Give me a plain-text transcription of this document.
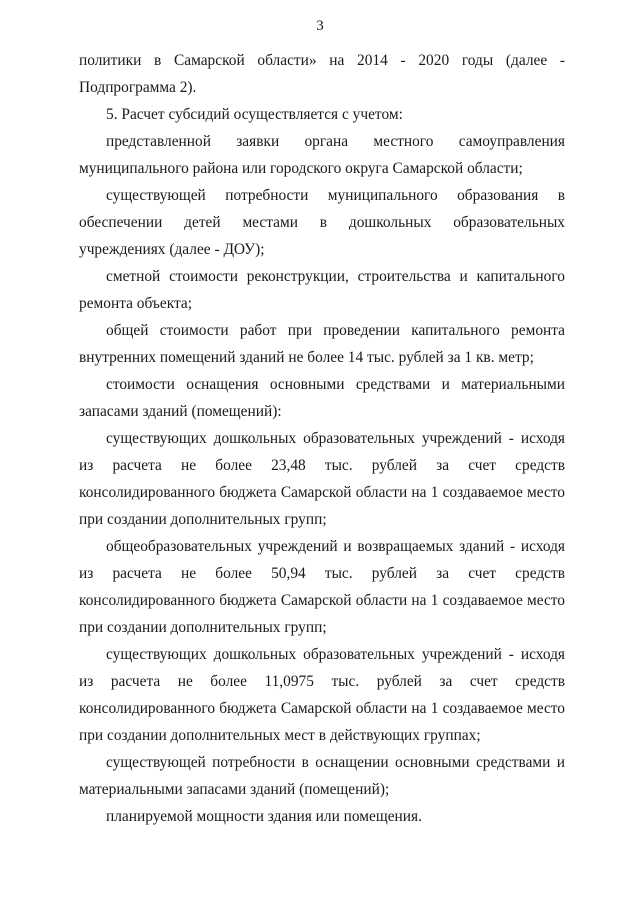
3

политики в Самарской области» на 2014 - 2020 годы (далее - Подпрограмма 2).

5. Расчет субсидий осуществляется с учетом:

представленной заявки органа местного самоуправления муниципального района или городского округа Самарской области;

существующей потребности муниципального образования в обеспечении детей местами в дошкольных образовательных учреждениях (далее - ДОУ);

сметной стоимости реконструкции, строительства и капитального ремонта объекта;

общей стоимости работ при проведении капитального ремонта внутренних помещений зданий не более 14 тыс. рублей за 1 кв. метр;

стоимости оснащения основными средствами и материальными запасами зданий (помещений):

существующих дошкольных образовательных учреждений - исходя из расчета не более 23,48 тыс. рублей за счет средств консолидированного бюджета Самарской области на 1 создаваемое место при создании дополнительных групп;

общеобразовательных учреждений и возвращаемых зданий - исходя из расчета не более 50,94 тыс. рублей за счет средств консолидированного бюджета Самарской области на 1 создаваемое место при создании дополнительных групп;

существующих дошкольных образовательных учреждений - исходя из расчета не более 11,0975 тыс. рублей за счет средств консолидированного бюджета Самарской области на 1 создаваемое место при создании дополнительных мест в действующих группах;

существующей потребности в оснащении основными средствами и материальными запасами зданий (помещений);

планируемой мощности здания или помещения.
